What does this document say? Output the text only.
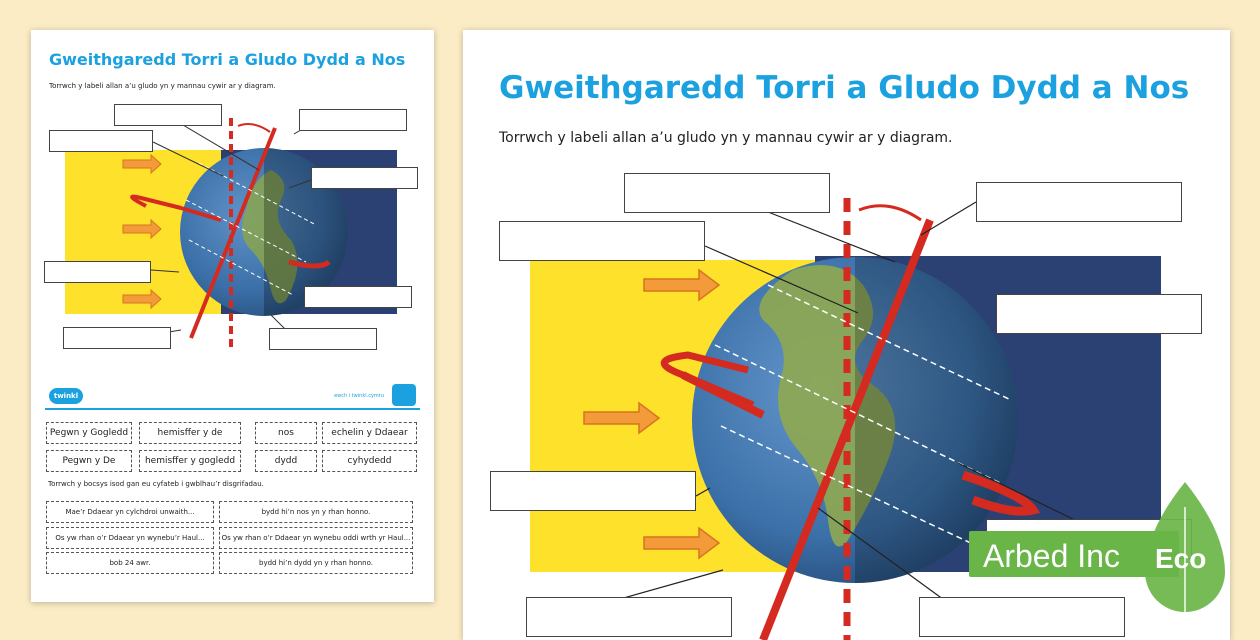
Gweithgaredd Torri a Gludo Dydd a Nos
Torrwch y labeli allan a’u gludo yn y mannau cywir ar y diagram.
twinkl	ewch i twinkl.cymru
Pegwn y Gogledd	hemisffer y de	nos	echelin y Ddaear
Pegwn y De	hemisffer y gogledd	dydd	cyhydedd
Torrwch y bocsys isod gan eu cyfateb i gwblhau’r disgrifadau.
Mae’r Ddaear yn cylchdroi unwaith...	bydd hi’n nos yn y rhan honno.
Os yw rhan o’r Ddaear yn wynebu’r Haul...	Os yw rhan o’r Ddaear yn wynebu oddi wrth yr Haul...
bob 24 awr.	bydd hi’n dydd yn y rhan honno.
Gweithgaredd Torri a Gludo Dydd a Nos
Torrwch y labeli allan a’u gludo yn y mannau cywir ar y diagram.
Arbed Inc Eco
